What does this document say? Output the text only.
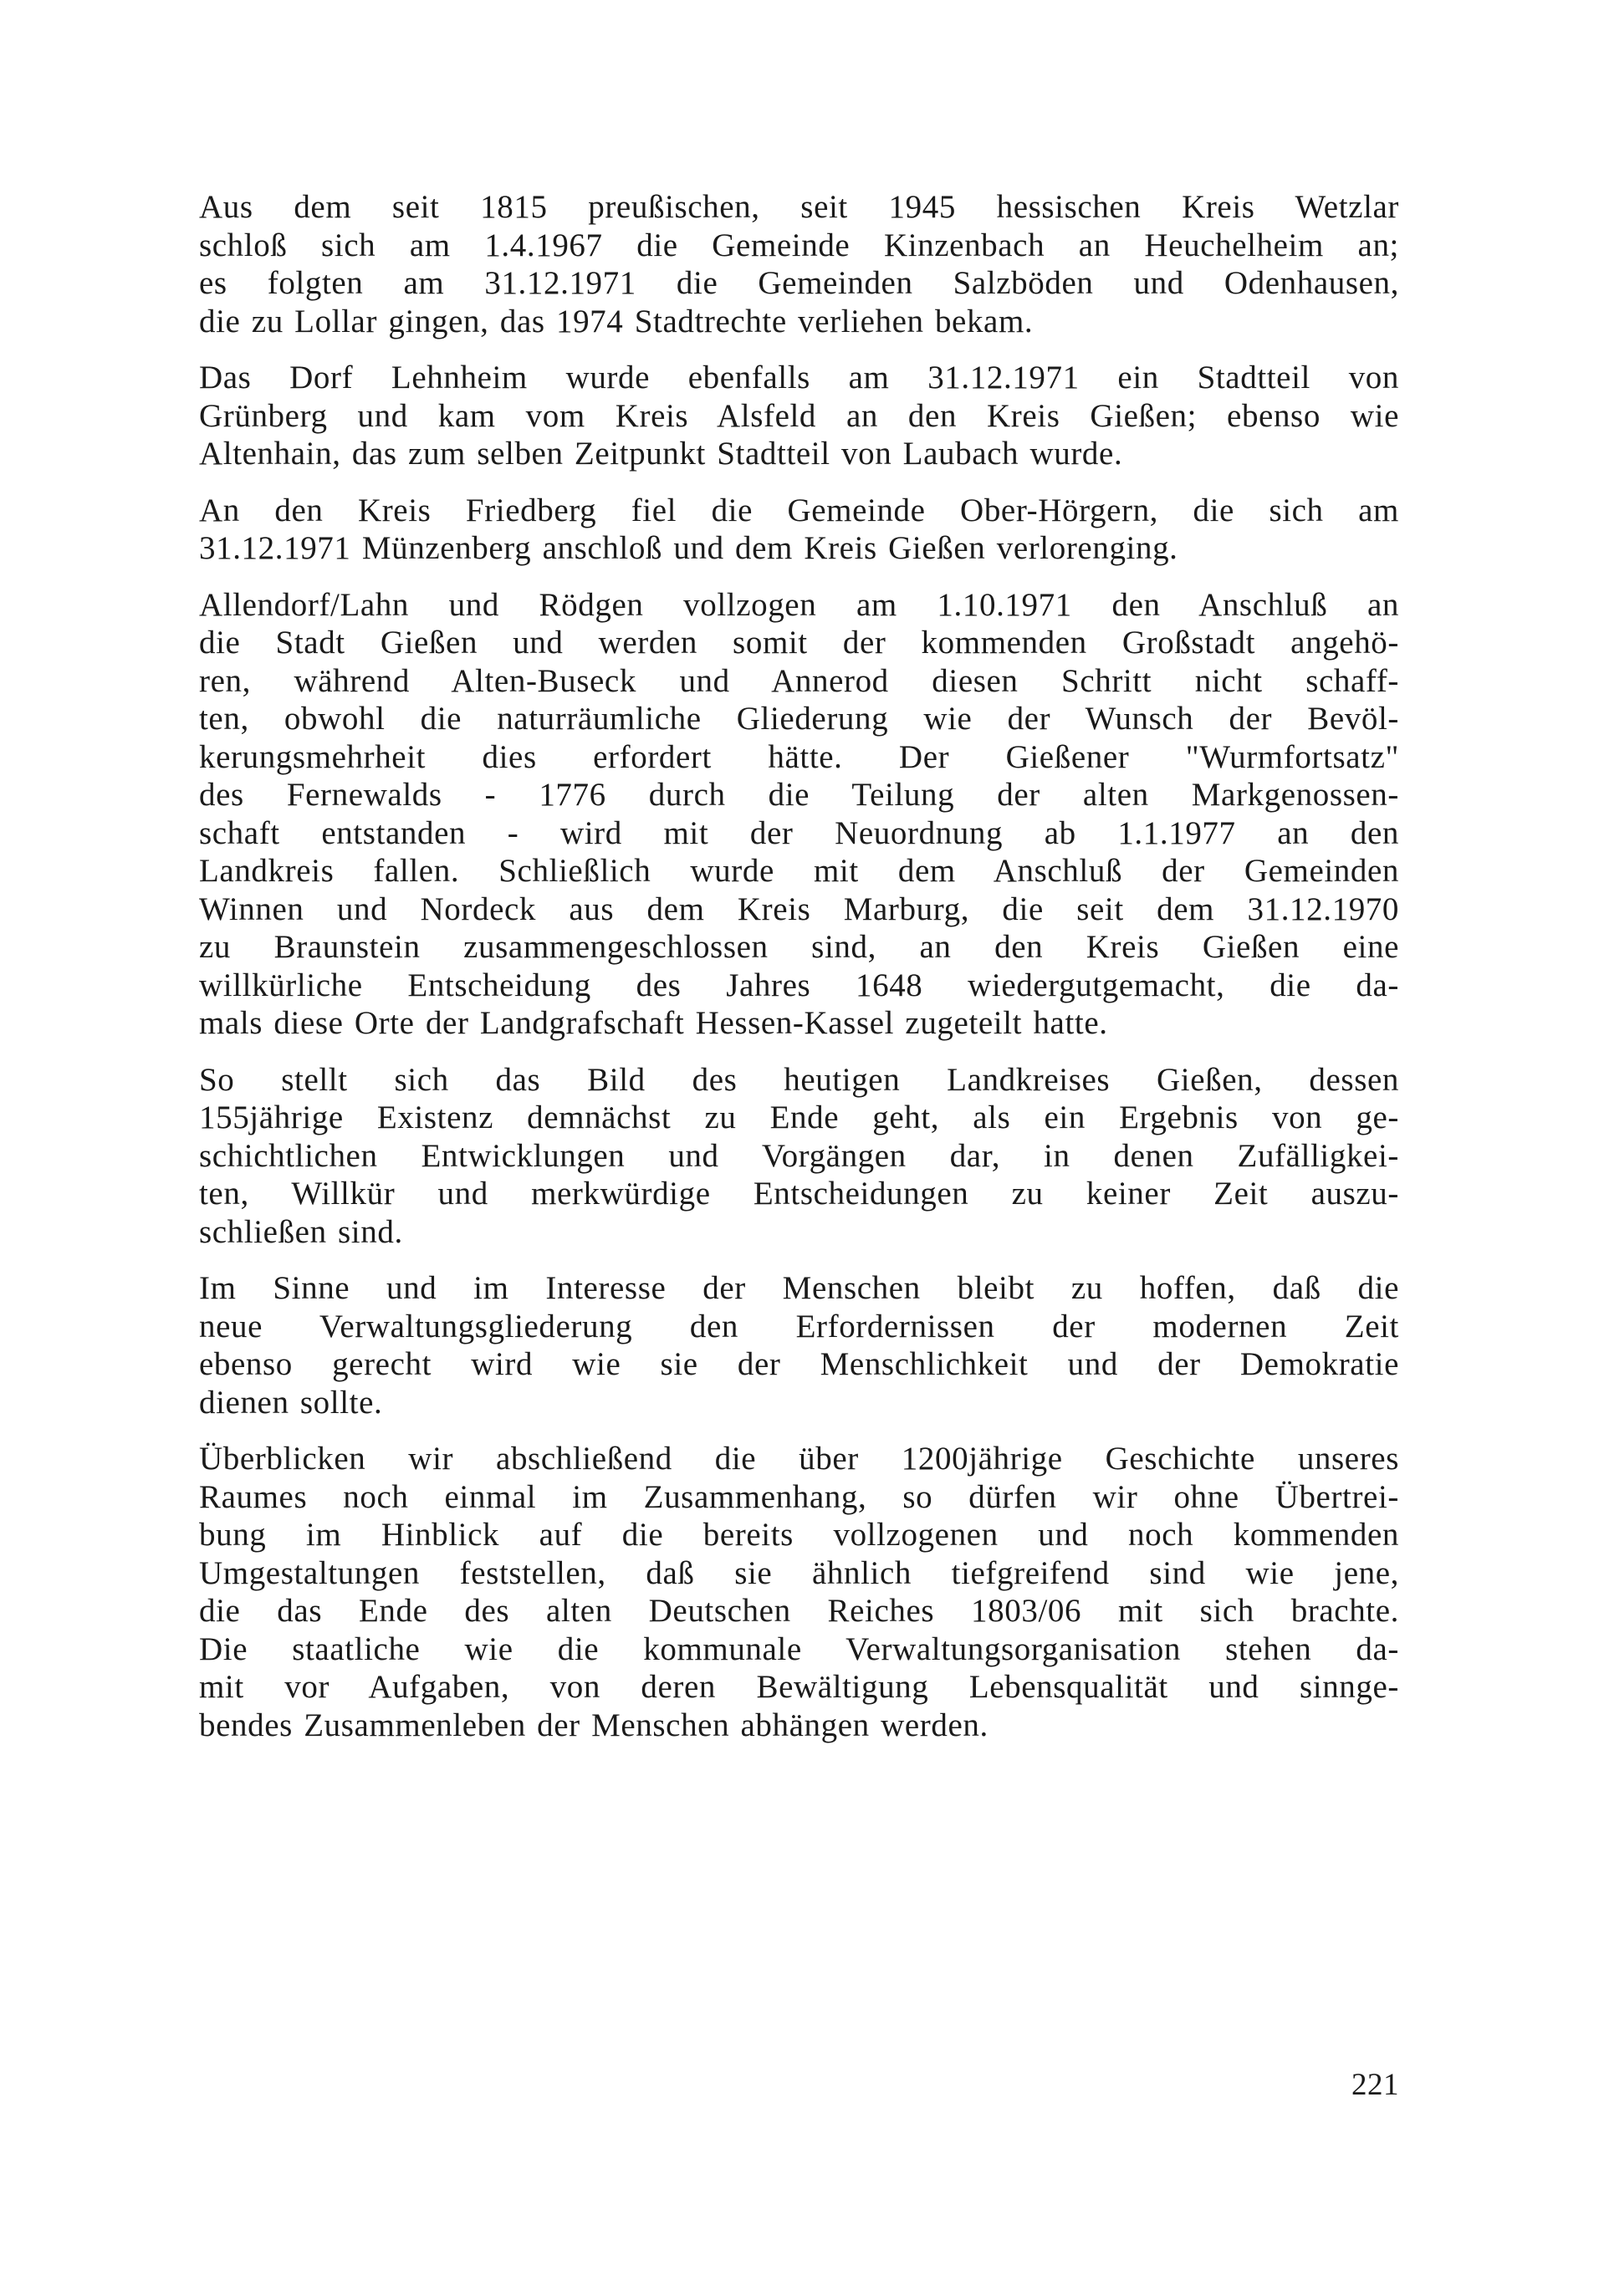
Aus dem seit 1815 preußischen, seit 1945 hessischen Kreis Wetzlar
schloß sich am 1.4.1967 die Gemeinde Kinzenbach an Heuchelheim an;
es folgten am 31.12.1971 die Gemeinden Salzböden und Odenhausen,
die zu Lollar gingen, das 1974 Stadtrechte verliehen bekam.

Das Dorf Lehnheim wurde ebenfalls am 31.12.1971 ein Stadtteil von
Grünberg und kam vom Kreis Alsfeld an den Kreis Gießen; ebenso wie
Altenhain, das zum selben Zeitpunkt Stadtteil von Laubach wurde.

An den Kreis Friedberg fiel die Gemeinde Ober-Hörgern, die sich am
31.12.1971 Münzenberg anschloß und dem Kreis Gießen verlorenging.

Allendorf/Lahn und Rödgen vollzogen am 1.10.1971 den Anschluß an
die Stadt Gießen und werden somit der kommenden Großstadt angehö-
ren, während Alten-Buseck und Annerod diesen Schritt nicht schaff-
ten, obwohl die naturräumliche Gliederung wie der Wunsch der Bevöl-
kerungsmehrheit dies erfordert hätte. Der Gießener "Wurmfortsatz"
des Fernewalds - 1776 durch die Teilung der alten Markgenossen-
schaft entstanden - wird mit der Neuordnung ab 1.1.1977 an den
Landkreis fallen. Schließlich wurde mit dem Anschluß der Gemeinden
Winnen und Nordeck aus dem Kreis Marburg, die seit dem 31.12.1970
zu Braunstein zusammengeschlossen sind, an den Kreis Gießen eine
willkürliche Entscheidung des Jahres 1648 wiedergutgemacht, die da-
mals diese Orte der Landgrafschaft Hessen-Kassel zugeteilt hatte.

So stellt sich das Bild des heutigen Landkreises Gießen, dessen
155jährige Existenz demnächst zu Ende geht, als ein Ergebnis von ge-
schichtlichen Entwicklungen und Vorgängen dar, in denen Zufälligkei-
ten, Willkür und merkwürdige Entscheidungen zu keiner Zeit auszu-
schließen sind.

Im Sinne und im Interesse der Menschen bleibt zu hoffen, daß die
neue Verwaltungsgliederung den Erfordernissen der modernen Zeit
ebenso gerecht wird wie sie der Menschlichkeit und der Demokratie
dienen sollte.

Überblicken wir abschließend die über 1200jährige Geschichte unseres
Raumes noch einmal im Zusammenhang, so dürfen wir ohne Übertrei-
bung im Hinblick auf die bereits vollzogenen und noch kommenden
Umgestaltungen feststellen, daß sie ähnlich tiefgreifend sind wie jene,
die das Ende des alten Deutschen Reiches 1803/06 mit sich brachte.
Die staatliche wie die kommunale Verwaltungsorganisation stehen da-
mit vor Aufgaben, von deren Bewältigung Lebensqualität und sinnge-
bendes Zusammenleben der Menschen abhängen werden.

221
